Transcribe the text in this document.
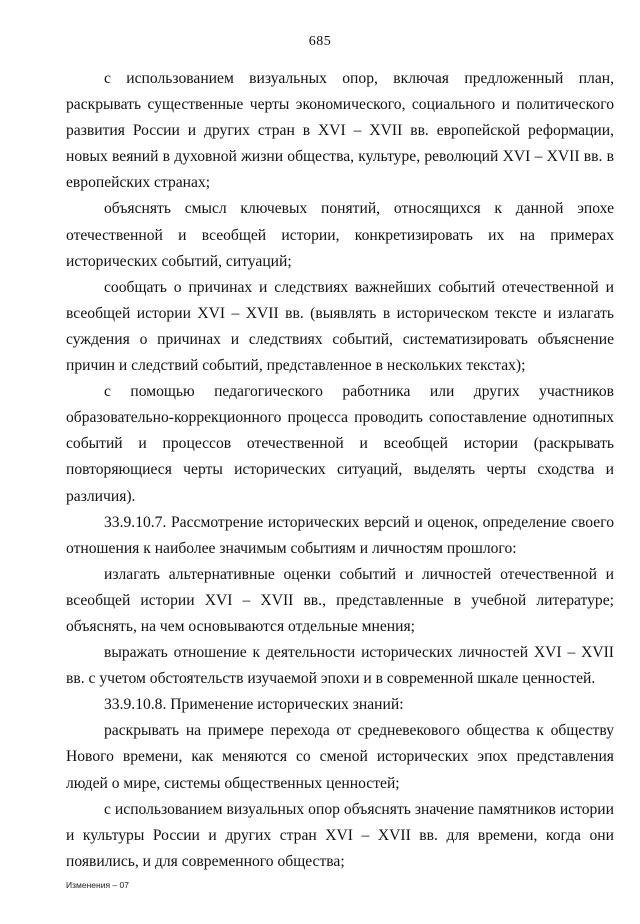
685

с использованием визуальных опор, включая предложенный план, раскрывать существенные черты экономического, социального и политического развития России и других стран в XVI – XVII вв. европейской реформации, новых веяний в духовной жизни общества, культуре, революций XVI – XVII вв. в европейских странах;

объяснять смысл ключевых понятий, относящихся к данной эпохе отечественной и всеобщей истории, конкретизировать их на примерах исторических событий, ситуаций;

сообщать о причинах и следствиях важнейших событий отечественной и всеобщей истории XVI – XVII вв. (выявлять в историческом тексте и излагать суждения о причинах и следствиях событий, систематизировать объяснение причин и следствий событий, представленное в нескольких текстах);

с помощью педагогического работника или других участников образовательно-коррекционного процесса проводить сопоставление однотипных событий и процессов отечественной и всеобщей истории (раскрывать повторяющиеся черты исторических ситуаций, выделять черты сходства и различия).

33.9.10.7. Рассмотрение исторических версий и оценок, определение своего отношения к наиболее значимым событиям и личностям прошлого:

излагать альтернативные оценки событий и личностей отечественной и всеобщей истории XVI – XVII вв., представленные в учебной литературе; объяснять, на чем основываются отдельные мнения;

выражать отношение к деятельности исторических личностей XVI – XVII вв. с учетом обстоятельств изучаемой эпохи и в современной шкале ценностей.

33.9.10.8. Применение исторических знаний:

раскрывать на примере перехода от средневекового общества к обществу Нового времени, как меняются со сменой исторических эпох представления людей о мире, системы общественных ценностей;

с использованием визуальных опор объяснять значение памятников истории и культуры России и других стран XVI – XVII вв. для времени, когда они появились, и для современного общества;

Изменения – 07
